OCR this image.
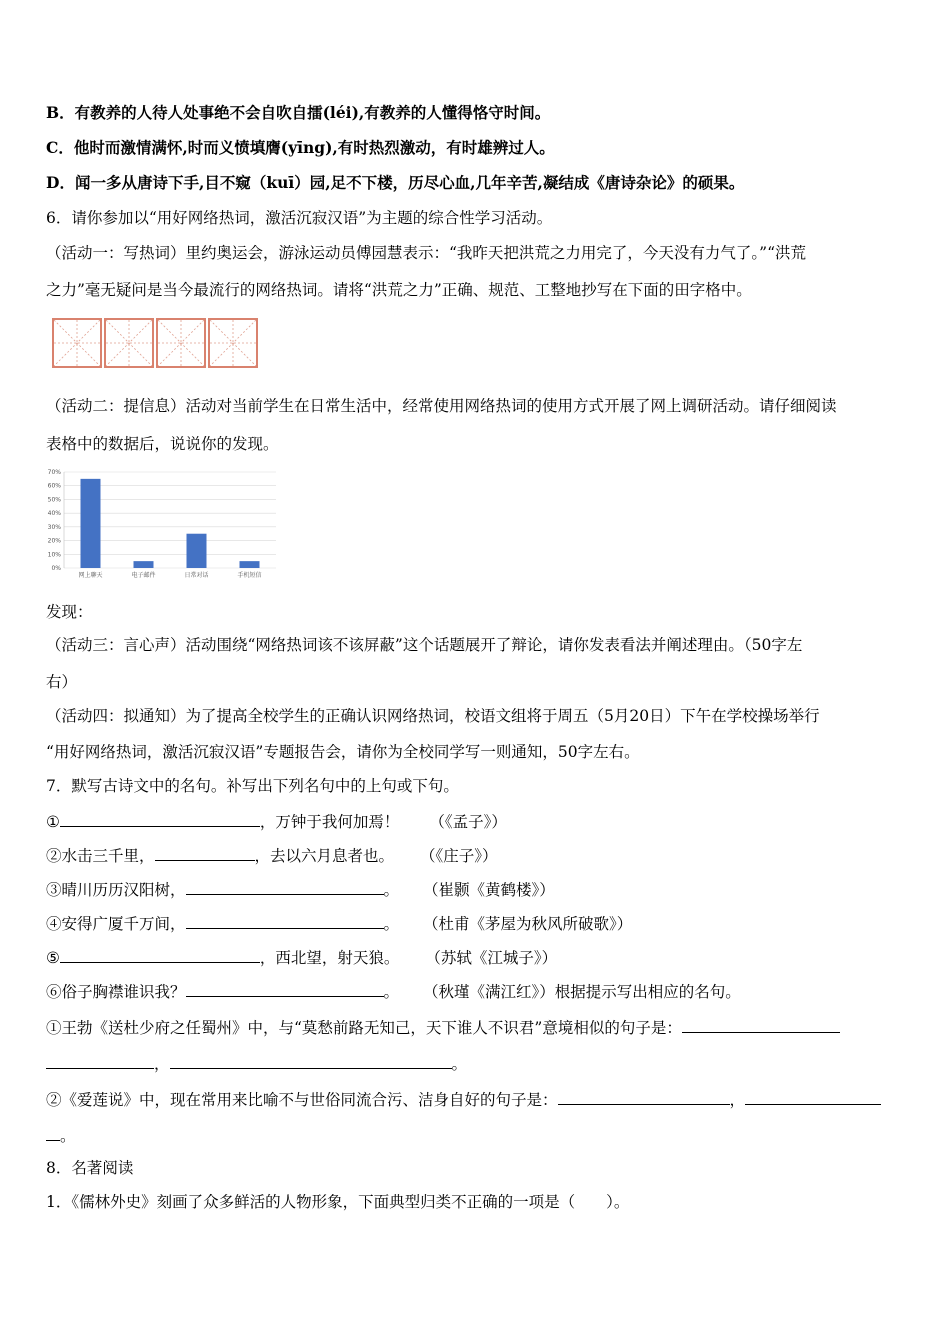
B．有教养的人待人处事绝不会自吹自擂(léi),有教养的人懂得恪守时间。
C．他时而激情满怀,时而义愤填膺(yīng),有时热烈激动，有时雄辨过人。
D．闻一多从唐诗下手,目不窥（kuī）园,足不下楼，历尽心血,几年辛苦,凝结成《唐诗杂论》的硕果。
6．请你参加以“用好网络热词，激活沉寂汉语”为主题的综合性学习活动。
（活动一：写热词）里约奥运会，游泳运动员傅园慧表示：“我昨天把洪荒之力用完了，今天没有力气了。”“洪荒
之力”毫无疑问是当今最流行的网络热词。请将“洪荒之力”正确、规范、工整地抄写在下面的田字格中。
（活动二：提信息）活动对当前学生在日常生活中，经常使用网络热词的使用方式开展了网上调研活动。请仔细阅读
表格中的数据后，说说你的发现。
0%
10%
20%
30%
40%
50%
60%
70%
网上聊天	电子邮件	日常对话	手机短信
发现：
（活动三：言心声）活动围绕“网络热词该不该屏蔽”这个话题展开了辩论，请你发表看法并阐述理由。（50字左
右）
（活动四：拟通知）为了提高全校学生的正确认识网络热词，校语文组将于周五（5月20日）下午在学校操场举行
“用好网络热词，激活沉寂汉语”专题报告会，请你为全校同学写一则通知，50字左右。
7．默写古诗文中的名句。补写出下列名句中的上句或下句。
①	，万钟于我何加焉！ （《孟子》）
②水击三千里，	，去以六月息者也。 （《庄子》）
③晴川历历汉阳树，	。 （崔颢《黄鹤楼》）
④安得广厦千万间，	。 （杜甫《茅屋为秋风所破歌》）
⑤	，西北望，射天狼。 （苏轼《江城子》）
⑥俗子胸襟谁识我？	。 （秋瑾《满江红》）根据提示写出相应的名句。
①王勃《送杜少府之任蜀州》中，与“莫愁前路无知己，天下谁人不识君”意境相似的句子是：
，	。
②《爱莲说》中，现在常用来比喻不与世俗同流合污、洁身自好的句子是：	，
。
8．名著阅读
1．《儒林外史》刻画了众多鲜活的人物形象，下面典型归类不正确的一项是（　　）。
